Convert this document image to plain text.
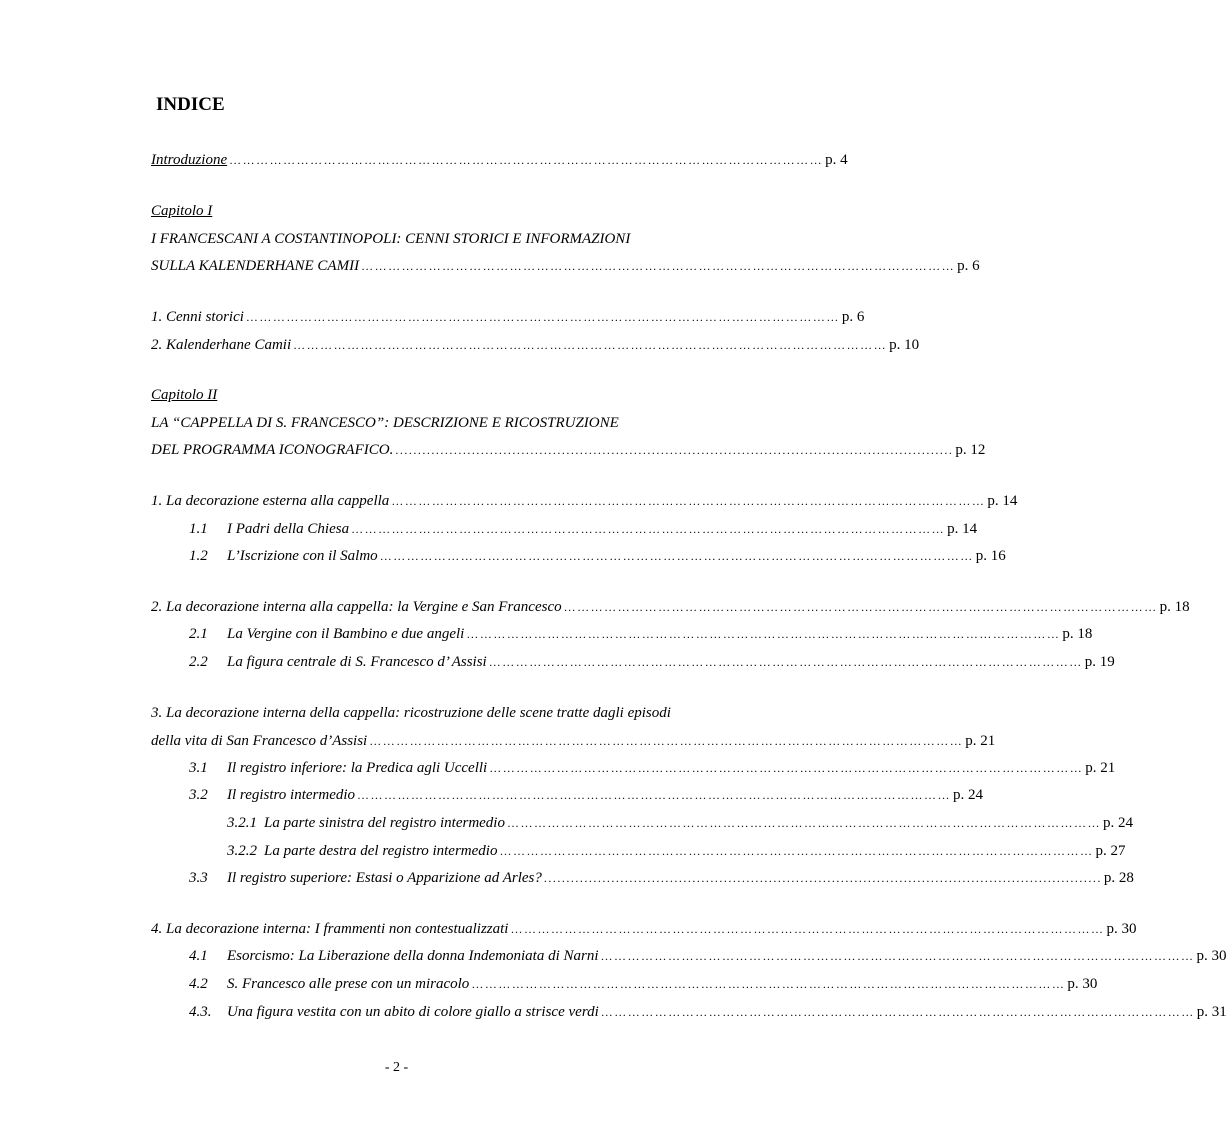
INDICE
Introduzione …………………………………………………………………………………………………………………… p. 4
Capitolo I
I FRANCESCANI A COSTANTINOPOLI: CENNI STORICI E INFORMAZIONI
SULLA KALENDERHANE CAMII …………………………………………………………………………………………………………………… p. 6
1. Cenni storici …………………………………………………………………………………………………………………… p. 6
2. Kalenderhane Camii …………………………………………………………………………………………………………………… p. 10
Capitolo II
LA “CAPPELLA DI S. FRANCESCO”: DESCRIZIONE E RICOSTRUZIONE
DEL PROGRAMMA ICONOGRAFICO. ............................................................................................................................ p. 12
1. La decorazione esterna alla cappella …………………………………………………………………………………………………………………… p. 14
1.1	I Padri della Chiesa …………………………………………………………………………………………………………………… p. 14
1.2	L’Iscrizione con il Salmo …………………………………………………………………………………………………………………… p. 16
2. La decorazione interna alla cappella: la Vergine e San Francesco …………………………………………………………………………………………………………………… p. 18
2.1	La Vergine con il Bambino e due angeli …………………………………………………………………………………………………………………… p. 18
2.2	La figura centrale di S. Francesco d’ Assisi …………………………………………………………………………………………………………………… p. 19
3. La decorazione interna della cappella: ricostruzione delle scene tratte dagli episodi
della vita di San Francesco d’Assisi …………………………………………………………………………………………………………………… p. 21
3.1	Il registro inferiore: la Predica agli Uccelli …………………………………………………………………………………………………………………… p. 21
3.2	Il registro intermedio …………………………………………………………………………………………………………………… p. 24
3.2.1 La parte sinistra del registro intermedio …………………………………………………………………………………………………………………… p. 24
3.2.2 La parte destra del registro intermedio …………………………………………………………………………………………………………………… p. 27
3.3	Il registro superiore: Estasi o Apparizione ad Arles? ............................................................................................................................ p. 28
4. La decorazione interna: I frammenti non contestualizzati …………………………………………………………………………………………………………………… p. 30
4.1	Esorcismo: La Liberazione della donna Indemoniata di Narni …………………………………………………………………………………………………………………… p. 30
4.2	S. Francesco alle prese con un miracolo …………………………………………………………………………………………………………………… p. 30
4.3.	Una figura vestita con un abito di colore giallo a strisce verdi …………………………………………………………………………………………………………………… p. 31
- 2 -
